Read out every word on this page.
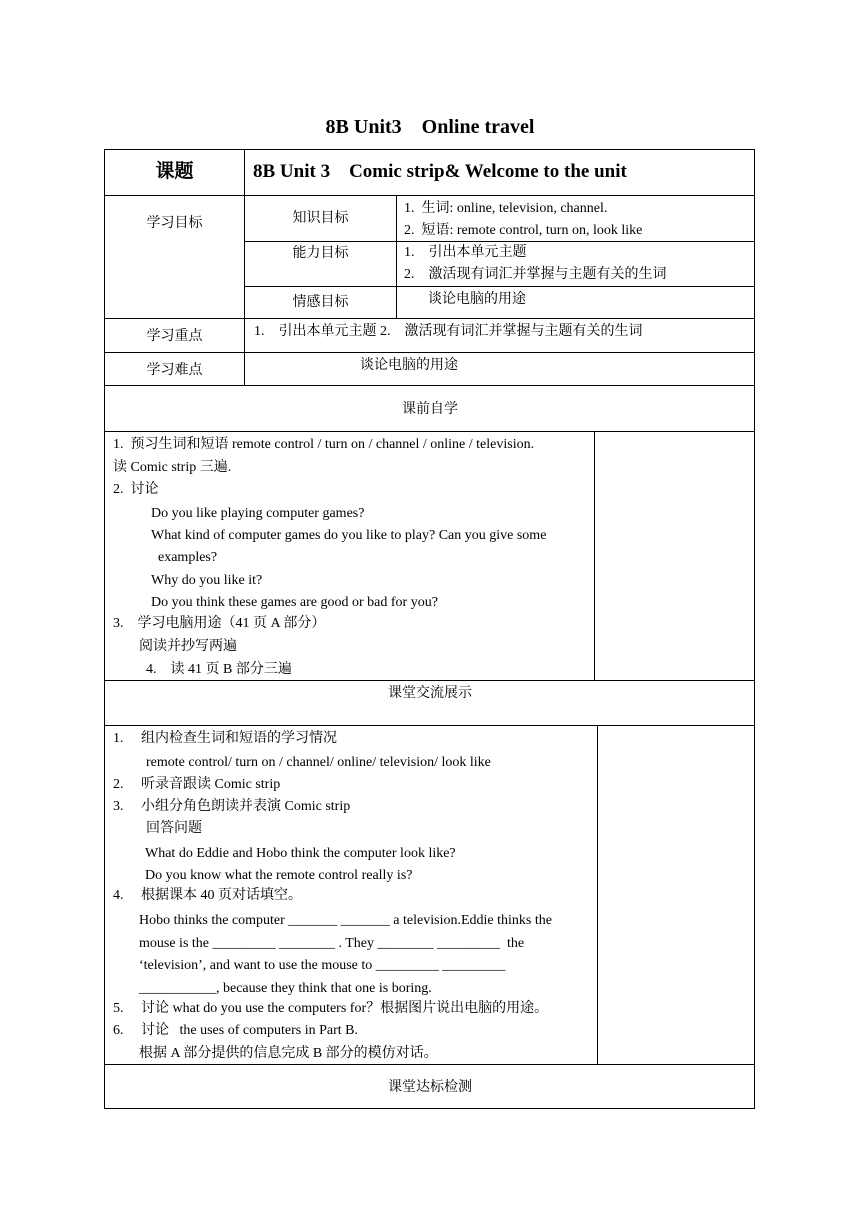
8B Unit3    Online travel
课题	8B Unit 3    Comic strip& Welcome to the unit
学习目标	知识目标
1.  生词: online, television, channel.
2.  短语: remote control, turn on, look like
能力目标	1.    引出本单元主题
2.    激活现有词汇并掌握与主题有关的生词
情感目标	谈论电脑的用途
学习重点	1.    引出本单元主题 2.    激活现有词汇并掌握与主题有关的生词
学习难点	谈论电脑的用途
课前自学
1.  预习生词和短语 remote control / turn on / channel / online / television.
读 Comic strip 三遍.
2.  讨论
Do you like playing computer games?
What kind of computer games do you like to play? Can you give some
examples?
Why do you like it?
Do you think these games are good or bad for you?
3.    学习电脑用途（41 页 A 部分）
阅读并抄写两遍
4.    读 41 页 B 部分三遍
课堂交流展示
1.     组内检查生词和短语的学习情况
remote control/ turn on / channel/ online/ television/ look like
2.     听录音跟读 Comic strip
3.     小组分角色朗读并表演 Comic strip
回答问题
What do Eddie and Hobo think the computer look like?
Do you know what the remote control really is?
4.     根据课本 40 页对话填空。
Hobo thinks the computer _______ _______ a television.Eddie thinks the
mouse is the _________ ________ . They ________ _________  the
‘television’, and want to use the mouse to _________ _________
___________, because they think that one is boring.
5.     讨论 what do you use the computers for？根据图片说出电脑的用途。
6.     讨论   the uses of computers in Part B.
根据 A 部分提供的信息完成 B 部分的模仿对话。
课堂达标检测
